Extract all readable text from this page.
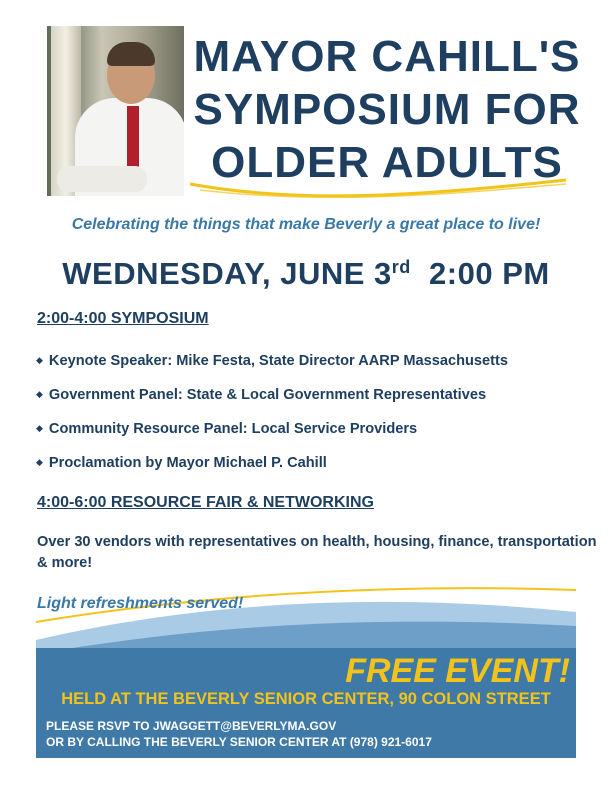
MAYOR CAHILL'S
SYMPOSIUM FOR
OLDER ADULTS
Celebrating the things that make Beverly a great place to live!
WEDNESDAY, JUNE 3rd 2:00 PM
2:00-4:00 SYMPOSIUM
◆ Keynote Speaker: Mike Festa, State Director AARP Massachusetts
◆ Government Panel: State & Local Government Representatives
◆ Community Resource Panel: Local Service Providers
◆ Proclamation by Mayor Michael P. Cahill
4:00-6:00 RESOURCE FAIR & NETWORKING
Over 30 vendors with representatives on health, housing, finance, transportation & more!
Light refreshments served!
FREE EVENT!
HELD AT THE BEVERLY SENIOR CENTER, 90 COLON STREET
PLEASE RSVP TO JWAGGETT@BEVERLYMA.GOV
OR BY CALLING THE BEVERLY SENIOR CENTER AT (978) 921-6017
